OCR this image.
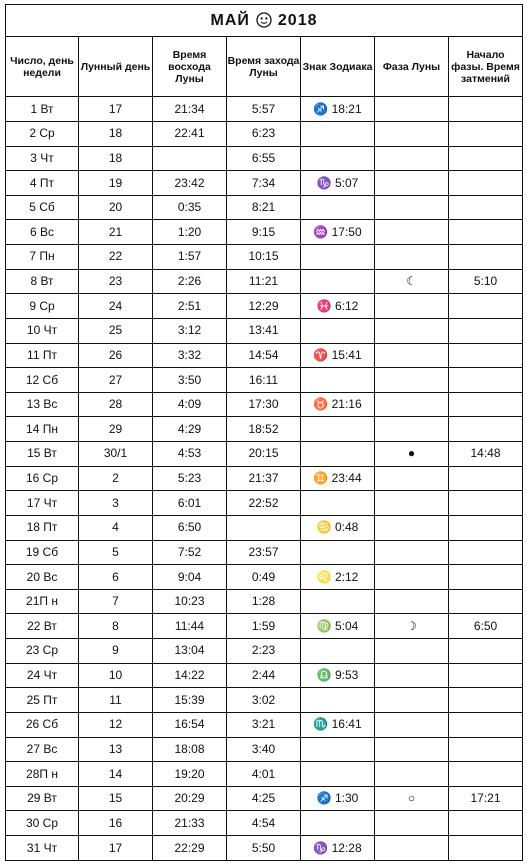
МАЙ 2018						

Число, день недели	Лунный день	Время восхода Луны	Время захода Луны	Знак Зодиака	Фаза Луны	Начало фазы. Время затмений
1 Вт	17	21:34	5:57	♐ 18:21		
2 Ср	18	22:41	6:23			
3 Чт	18		6:55			
4 Пт	19	23:42	7:34	♑ 5:07		
5 Сб	20	0:35	8:21			
6 Вс	21	1:20	9:15	♒ 17:50		
7 Пн	22	1:57	10:15			
8 Вт	23	2:26	11:21		☾	5:10
9 Ср	24	2:51	12:29	♓ 6:12		
10 Чт	25	3:12	13:41			
11 Пт	26	3:32	14:54	♈ 15:41		
12 Сб	27	3:50	16:11			
13 Вс	28	4:09	17:30	♉ 21:16		
14 Пн	29	4:29	18:52			
15 Вт	30/1	4:53	20:15		●	14:48
16 Ср	2	5:23	21:37	♊ 23:44		
17 Чт	3	6:01	22:52			
18 Пт	4	6:50		♋ 0:48		
19 Сб	5	7:52	23:57			
20 Вс	6	9:04	0:49	♌ 2:12		
21П н	7	10:23	1:28			
22 Вт	8	11:44	1:59	♍ 5:04	☽	6:50
23 Ср	9	13:04	2:23			
24 Чт	10	14:22	2:44	♎ 9:53		
25 Пт	11	15:39	3:02			
26 Сб	12	16:54	3:21	♏ 16:41		
27 Вс	13	18:08	3:40			
28П н	14	19:20	4:01			
29 Вт	15	20:29	4:25	♐ 1:30	○	17:21
30 Ср	16	21:33	4:54			
31 Чт	17	22:29	5:50	♑ 12:28		
